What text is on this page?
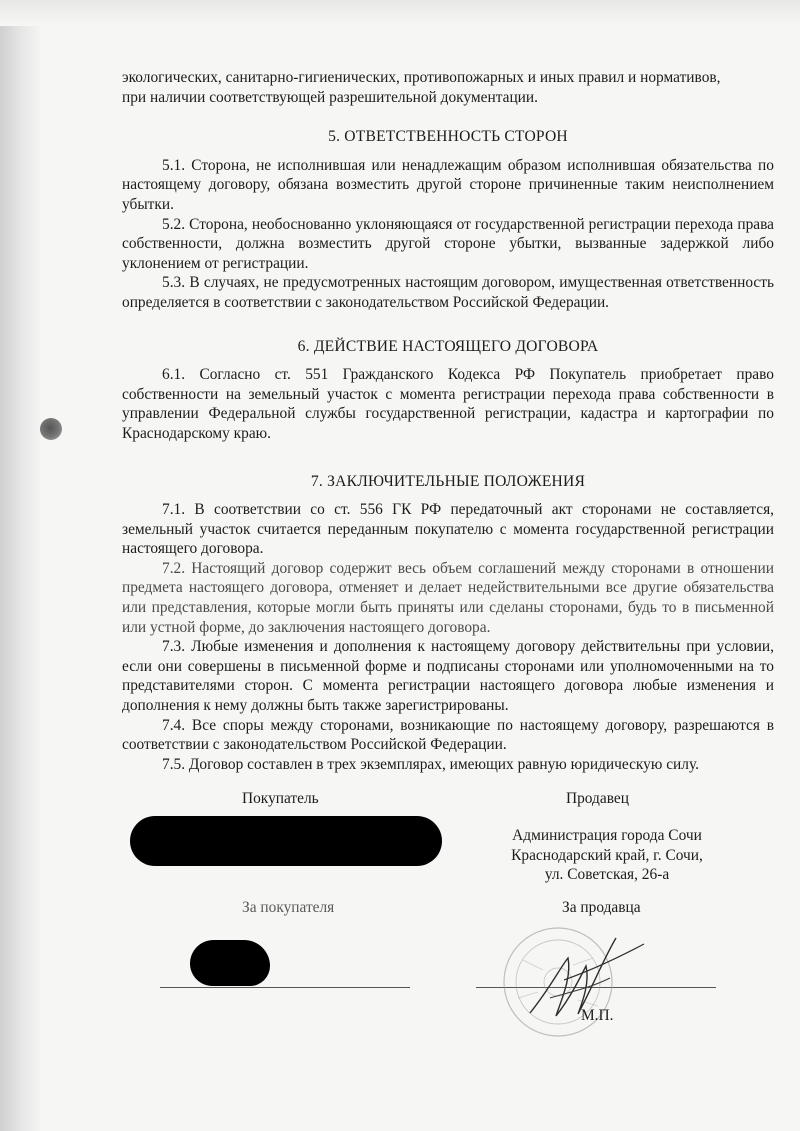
экологических, санитарно-гигиенических, противопожарных и иных правил и нормативов,
при наличии соответствующей разрешительной документации.

5. ОТВЕТСТВЕННОСТЬ СТОРОН

5.1. Сторона, не исполнившая или ненадлежащим образом исполнившая обязательства по настоящему договору, обязана возместить другой стороне причиненные таким неисполнением убытки.

5.2. Сторона, необоснованно уклоняющаяся от государственной регистрации перехода права собственности, должна возместить другой стороне убытки, вызванные задержкой либо уклонением от регистрации.

5.3. В случаях, не предусмотренных настоящим договором, имущественная ответственность определяется в соответствии с законодательством Российской Федерации.

6. ДЕЙСТВИЕ НАСТОЯЩЕГО ДОГОВОРА

6.1. Согласно ст. 551 Гражданского Кодекса РФ Покупатель приобретает право собственности на земельный участок с момента регистрации перехода права собственности в управлении Федеральной службы государственной регистрации, кадастра и картографии по Краснодарскому краю.

7. ЗАКЛЮЧИТЕЛЬНЫЕ ПОЛОЖЕНИЯ

7.1. В соответствии со ст. 556 ГК РФ передаточный акт сторонами не составляется, земельный участок считается переданным покупателю с момента государственной регистрации настоящего договора.

7.2. Настоящий договор содержит весь объем соглашений между сторонами в отношении предмета настоящего договора, отменяет и делает недействительными все другие обязательства или представления, которые могли быть приняты или сделаны сторонами, будь то в письменной или устной форме, до заключения настоящего договора.

7.3. Любые изменения и дополнения к настоящему договору действительны при условии, если они совершены в письменной форме и подписаны сторонами или уполномоченными на то представителями сторон. С момента регистрации настоящего договора любые изменения и дополнения к нему должны быть также зарегистрированы.

7.4. Все споры между сторонами, возникающие по настоящему договору, разрешаются в соответствии с законодательством Российской Федерации.

7.5. Договор составлен в трех экземплярах, имеющих равную юридическую силу.

Покупатель	Продавец
Администрация города Сочи
Краснодарский край, г. Сочи,
ул. Советская, 26-а
За покупателя	За продавца
М.П.
